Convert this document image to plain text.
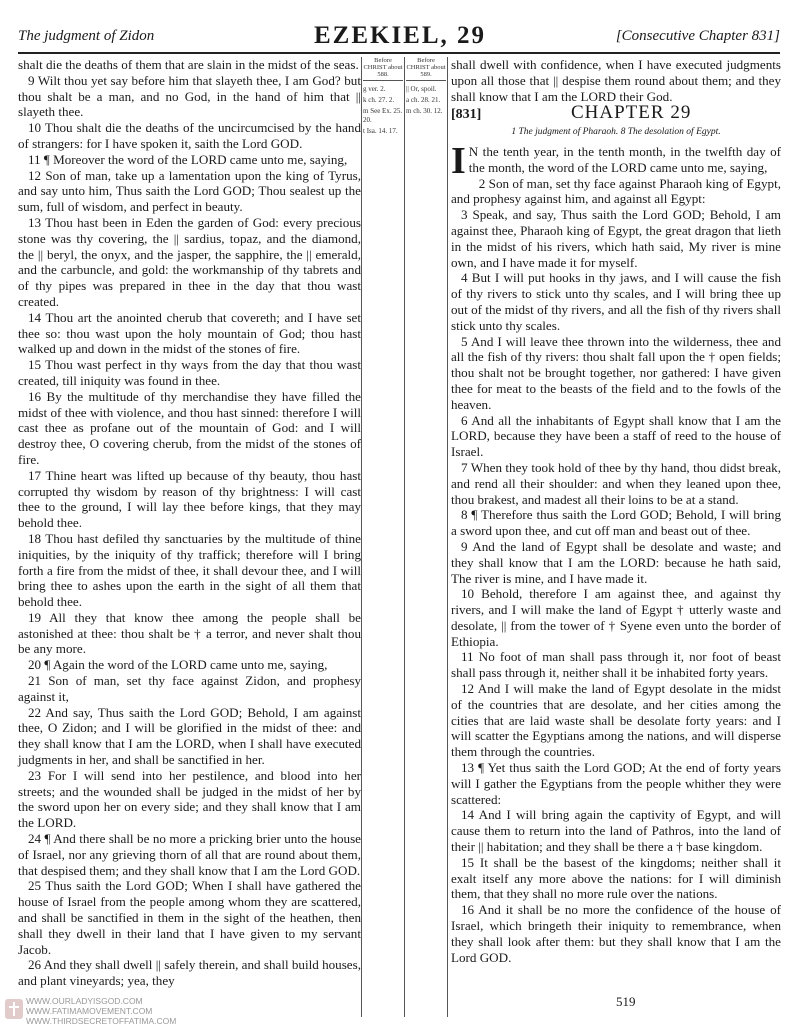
The judgment of Zidon	EZEKIEL, 29	[Consecutive Chapter 831]

shalt die the deaths of them that are slain in the midst of the seas.

9 Wilt thou yet say before him that slayeth thee, I am God? but thou shalt be a man, and no God, in the hand of him that || slayeth thee.

10 Thou shalt die the deaths of the uncircumcised by the hand of strangers: for I have spoken it, saith the Lord GOD.

11 ¶ Moreover the word of the LORD came unto me, saying,

12 Son of man, take up a lamentation upon the king of Tyrus, and say unto him, Thus saith the Lord GOD; Thou sealest up the sum, full of wisdom, and perfect in beauty.

13 Thou hast been in Eden the garden of God: every precious stone was thy covering, the || sardius, topaz, and the diamond, the || beryl, the onyx, and the jasper, the sapphire, the || emerald, and the carbuncle, and gold: the workmanship of thy tabrets and of thy pipes was prepared in thee in the day that thou wast created.

14 Thou art the anointed cherub that covereth; and I have set thee so: thou wast upon the holy mountain of God; thou hast walked up and down in the midst of the stones of fire.

15 Thou wast perfect in thy ways from the day that thou wast created, till iniquity was found in thee.

16 By the multitude of thy merchandise they have filled the midst of thee with violence, and thou hast sinned: therefore I will cast thee as profane out of the mountain of God: and I will destroy thee, O covering cherub, from the midst of the stones of fire.

17 Thine heart was lifted up because of thy beauty, thou hast corrupted thy wisdom by reason of thy brightness: I will cast thee to the ground, I will lay thee before kings, that they may behold thee.

18 Thou hast defiled thy sanctuaries by the multitude of thine iniquities, by the iniquity of thy traffick; therefore will I bring forth a fire from the midst of thee, it shall devour thee, and I will bring thee to ashes upon the earth in the sight of all them that behold thee.

19 All they that know thee among the people shall be astonished at thee: thou shalt be † a terror, and never shalt thou be any more.

20 ¶ Again the word of the LORD came unto me, saying,

21 Son of man, set thy face against Zidon, and prophesy against it,

22 And say, Thus saith the Lord GOD; Behold, I am against thee, O Zidon; and I will be glorified in the midst of thee: and they shall know that I am the LORD, when I shall have executed judgments in her, and shall be sanctified in her.

23 For I will send into her pestilence, and blood into her streets; and the wounded shall be judged in the midst of her by the sword upon her on every side; and they shall know that I am the LORD.

24 ¶ And there shall be no more a pricking brier unto the house of Israel, nor any grieving thorn of all that are round about them, that despised them; and they shall know that I am the Lord GOD.

25 Thus saith the Lord GOD; When I shall have gathered the house of Israel from the people among whom they are scattered, and shall be sanctified in them in the sight of the heathen, then shall they dwell in their land that I have given to my servant Jacob.

26 And they shall dwell || safely therein, and shall build houses, and plant vineyards; yea, they

Before CHRIST about 588.
g ver. 2.
k ch. 27. 2.
m See Ex. 25. 20.
t Isa. 14. 17.
Before CHRIST about 589.
|| Or, spoil.
a ch. 28. 21.
m ch. 30. 12.

shall dwell with confidence, when I have executed judgments upon all those that || despise them round about them; and they shall know that I am the LORD their God.

[831]	CHAPTER 29
1 The judgment of Pharaoh. 8 The desolation of Egypt.

I N the tenth year, in the tenth month, in the twelfth day of the month, the word of the LORD came unto me, saying,

2 Son of man, set thy face against Pharaoh king of Egypt, and prophesy against him, and against all Egypt:

3 Speak, and say, Thus saith the Lord GOD; Behold, I am against thee, Pharaoh king of Egypt, the great dragon that lieth in the midst of his rivers, which hath said, My river is mine own, and I have made it for myself.

4 But I will put hooks in thy jaws, and I will cause the fish of thy rivers to stick unto thy scales, and I will bring thee up out of the midst of thy rivers, and all the fish of thy rivers shall stick unto thy scales.

5 And I will leave thee thrown into the wilderness, thee and all the fish of thy rivers: thou shalt fall upon the † open fields; thou shalt not be brought together, nor gathered: I have given thee for meat to the beasts of the field and to the fowls of the heaven.

6 And all the inhabitants of Egypt shall know that I am the LORD, because they have been a staff of reed to the house of Israel.

7 When they took hold of thee by thy hand, thou didst break, and rend all their shoulder: and when they leaned upon thee, thou brakest, and madest all their loins to be at a stand.

8 ¶ Therefore thus saith the Lord GOD; Behold, I will bring a sword upon thee, and cut off man and beast out of thee.

9 And the land of Egypt shall be desolate and waste; and they shall know that I am the LORD: because he hath said, The river is mine, and I have made it.

10 Behold, therefore I am against thee, and against thy rivers, and I will make the land of Egypt † utterly waste and desolate, || from the tower of † Syene even unto the border of Ethiopia.

11 No foot of man shall pass through it, nor foot of beast shall pass through it, neither shall it be inhabited forty years.

12 And I will make the land of Egypt desolate in the midst of the countries that are desolate, and her cities among the cities that are laid waste shall be desolate forty years: and I will scatter the Egyptians among the nations, and will disperse them through the countries.

13 ¶ Yet thus saith the Lord GOD; At the end of forty years will I gather the Egyptians from the people whither they were scattered:

14 And I will bring again the captivity of Egypt, and will cause them to return into the land of Pathros, into the land of their || habitation; and they shall be there a † base kingdom.

15 It shall be the basest of the kingdoms; neither shall it exalt itself any more above the nations: for I will diminish them, that they shall no more rule over the nations.

16 And it shall be no more the confidence of the house of Israel, which bringeth their iniquity to remembrance, when they shall look after them: but they shall know that I am the Lord GOD.

WWW.OURLADYISGOD.COM
WWW.FATIMAMOVEMENT.COM
WWW.THIRDSECRETOFFATIMA.COM
519
